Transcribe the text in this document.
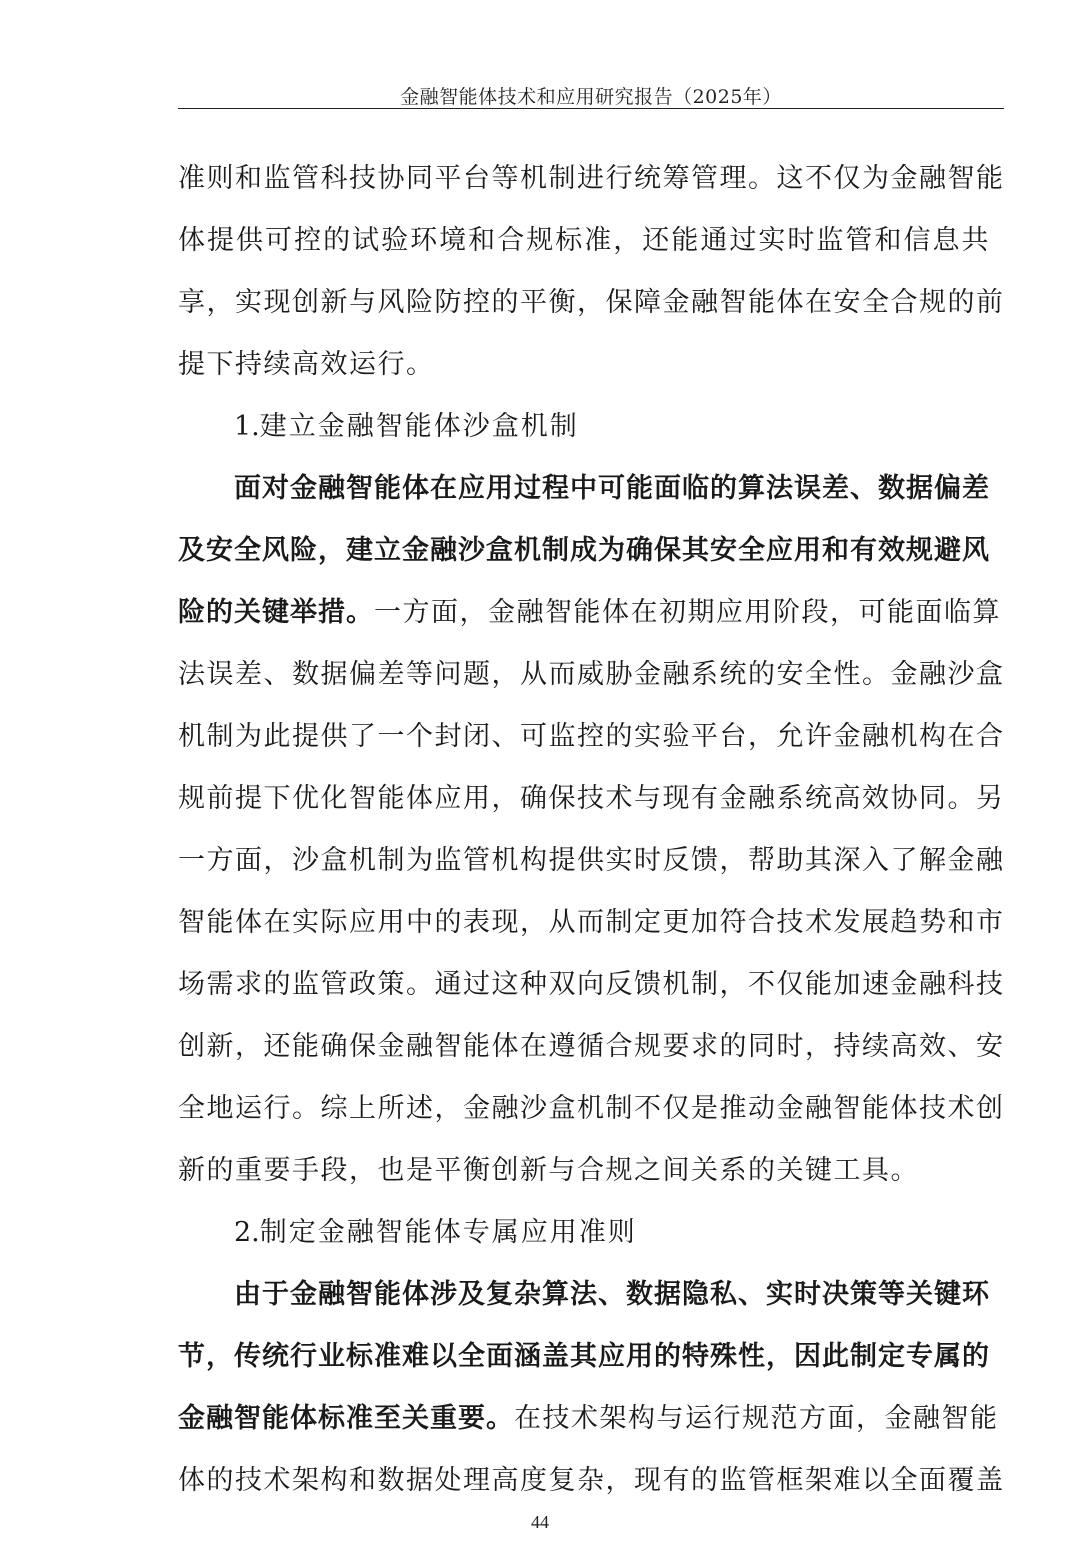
金融智能体技术和应用研究报告（2025年）
准则和监管科技协同平台等机制进行统筹管理。这不仅为金融智能
体提供可控的试验环境和合规标准，还能通过实时监管和信息共
享，实现创新与风险防控的平衡，保障金融智能体在安全合规的前
提下持续高效运行。
1.建立金融智能体沙盒机制
面对金融智能体在应用过程中可能面临的算法误差、数据偏差
及安全风险，建立金融沙盒机制成为确保其安全应用和有效规避风
险的关键举措。一方面，金融智能体在初期应用阶段，可能面临算
法误差、数据偏差等问题，从而威胁金融系统的安全性。金融沙盒
机制为此提供了一个封闭、可监控的实验平台，允许金融机构在合
规前提下优化智能体应用，确保技术与现有金融系统高效协同。另
一方面，沙盒机制为监管机构提供实时反馈，帮助其深入了解金融
智能体在实际应用中的表现，从而制定更加符合技术发展趋势和市
场需求的监管政策。通过这种双向反馈机制，不仅能加速金融科技
创新，还能确保金融智能体在遵循合规要求的同时，持续高效、安
全地运行。综上所述，金融沙盒机制不仅是推动金融智能体技术创
新的重要手段，也是平衡创新与合规之间关系的关键工具。
2.制定金融智能体专属应用准则
由于金融智能体涉及复杂算法、数据隐私、实时决策等关键环
节，传统行业标准难以全面涵盖其应用的特殊性，因此制定专属的
金融智能体标准至关重要。在技术架构与运行规范方面，金融智能
体的技术架构和数据处理高度复杂，现有的监管框架难以全面覆盖
44
